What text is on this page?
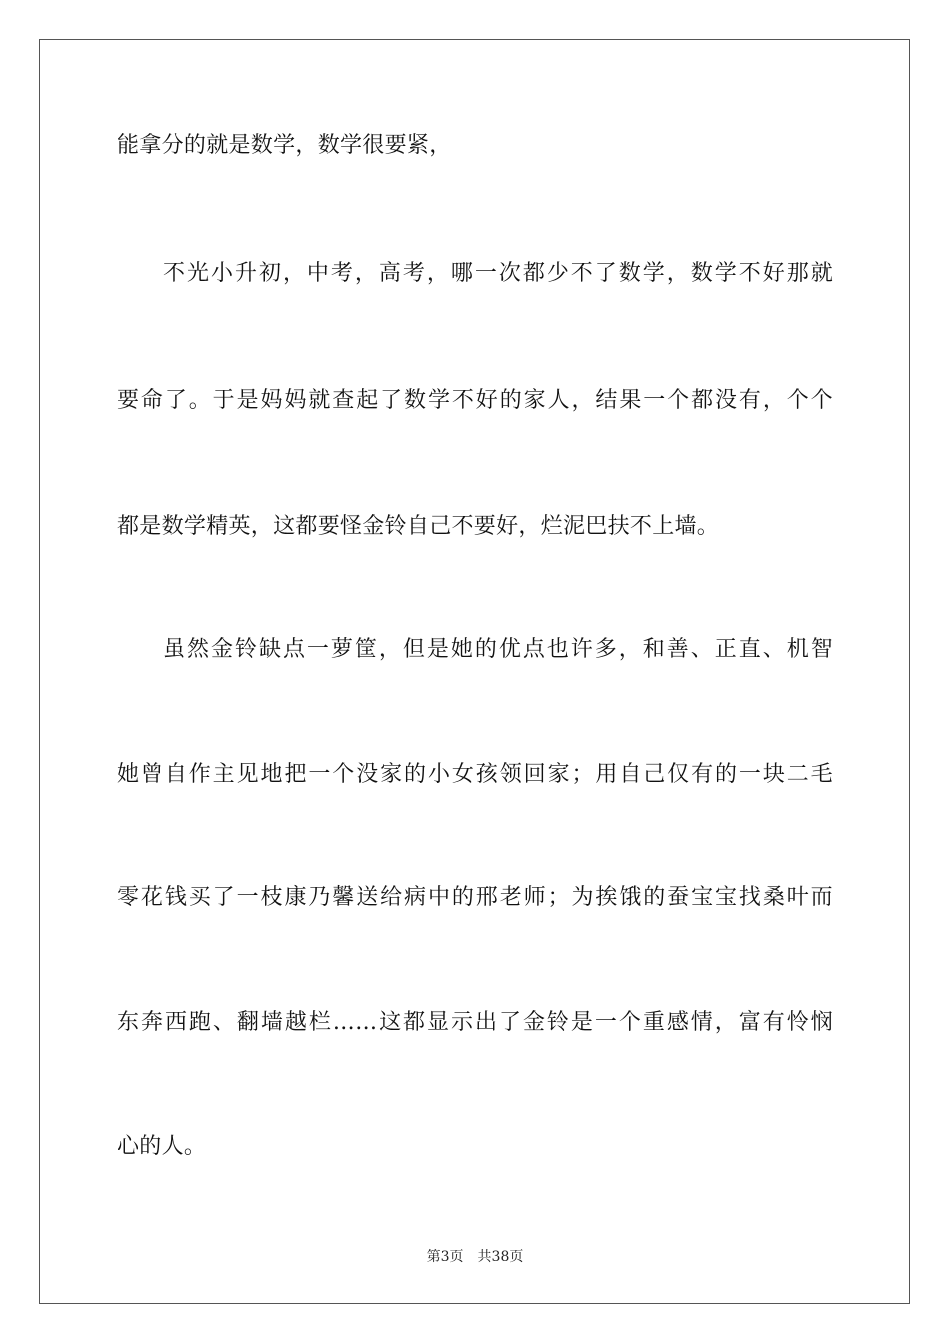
能拿分的就是数学，数学很要紧，
不光小升初，中考，高考，哪一次都少不了数学，数学不好那就
要命了。于是妈妈就查起了数学不好的家人，结果一个都没有，个个
都是数学精英，这都要怪金铃自己不要好，烂泥巴扶不上墙。
虽然金铃缺点一萝筐，但是她的优点也许多，和善、正直、机智
她曾自作主见地把一个没家的小女孩领回家；用自己仅有的一块二毛
零花钱买了一枝康乃馨送给病中的邢老师；为挨饿的蚕宝宝找桑叶而
东奔西跑、翻墙越栏……这都显示出了金铃是一个重感情，富有怜悯
心的人。
第3页 共38页
